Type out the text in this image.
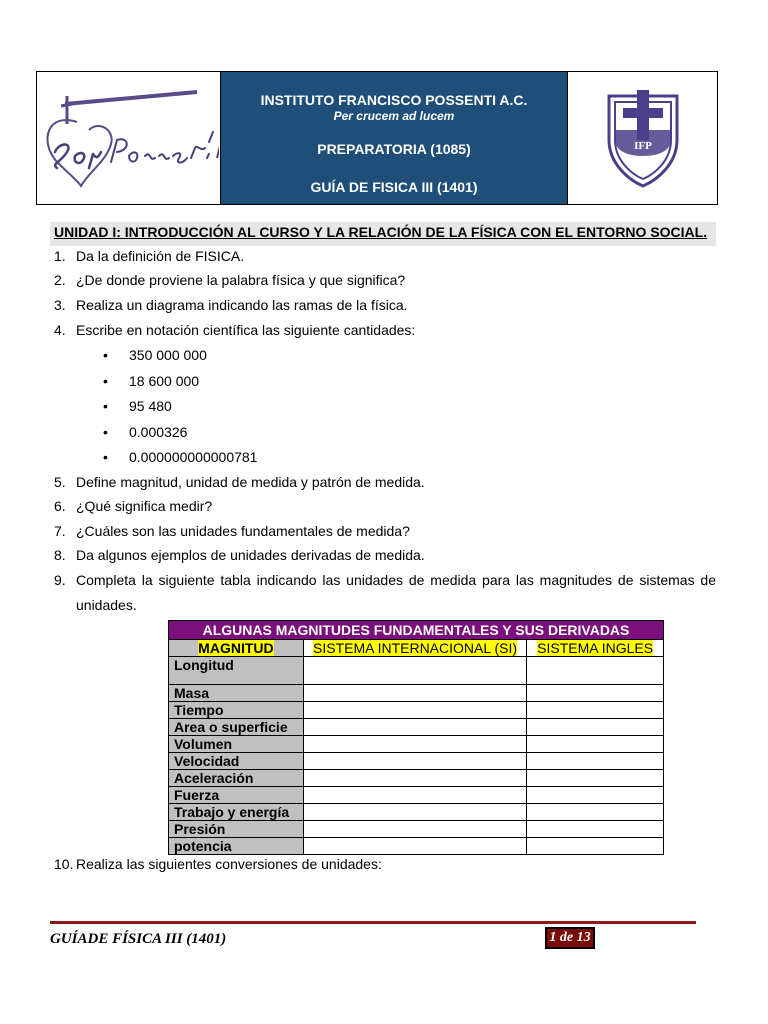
INSTITUTO FRANCISCO POSSENTI A.C.
Per crucem ad lucem
PREPARATORIA (1085)
GUÍA DE FISICA III (1401)
IFP
UNIDAD I: INTRODUCCIÓN AL CURSO Y LA RELACIÓN DE LA FÍSICA CON EL ENTORNO SOCIAL.
1. Da la definición de FISICA.
2. ¿De donde proviene la palabra física y que significa?
3. Realiza un diagrama indicando las ramas de la física.
4. Escribe en notación científica las siguiente cantidades:
• 350 000 000
• 18 600 000
• 95 480
• 0.000326
• 0.000000000000781
5. Define magnitud, unidad de medida y patrón de medida.
6. ¿Qué significa medir?
7. ¿Cuáles son las unidades fundamentales de medida?
8. Da algunos ejemplos de unidades derivadas de medida.
9. Completa la siguiente tabla indicando las unidades de medida para las magnitudes de sistemas de unidades.
ALGUNAS MAGNITUDES FUNDAMENTALES Y SUS DERIVADAS		
MAGNITUD	SISTEMA INTERNACIONAL (SI)	SISTEMA INGLES
Longitud		
Masa		
Tiempo		
Area o superficie		
Volumen		
Velocidad		
Aceleración		
Fuerza		
Trabajo y energía		
Presión		
potencia		
10. Realiza las siguientes conversiones de unidades:
GUÍADE FÍSICA III (1401)	1 de 13
